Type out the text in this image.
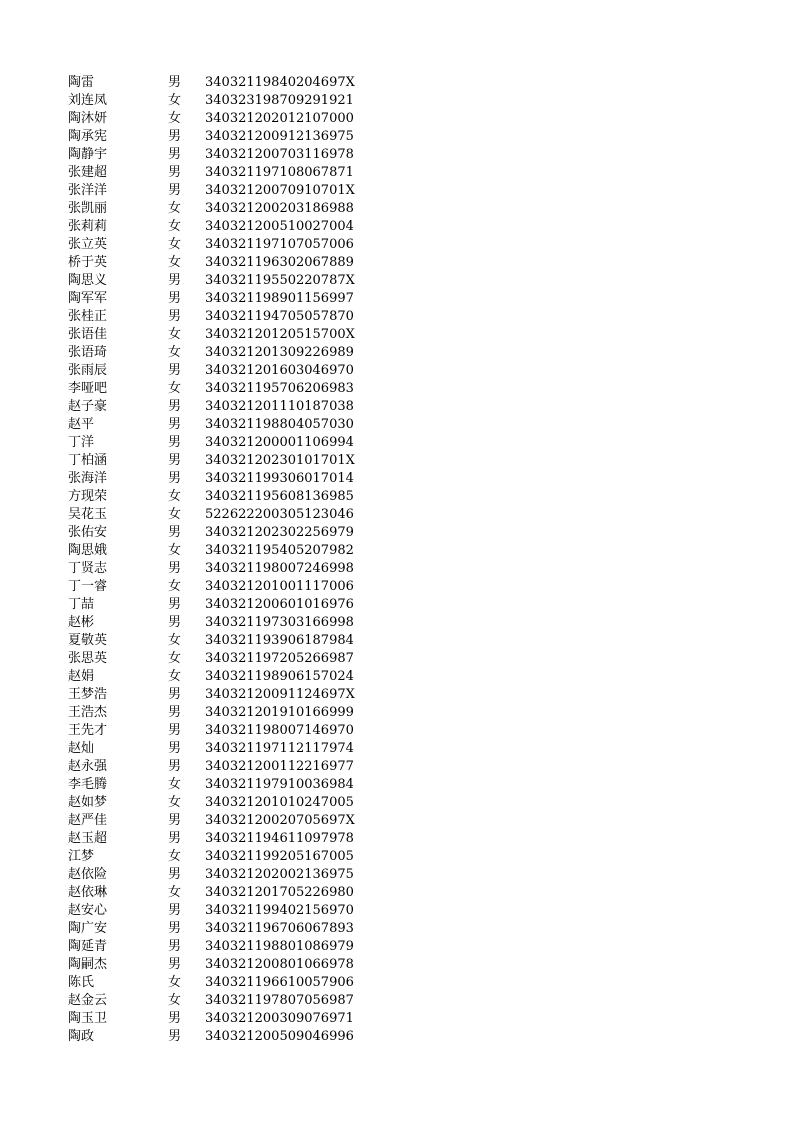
陶雷	男 34032119840204697X
刘连凤	女 340323198709291921
陶沐妍	女 340321202012107000
陶承宪	男 340321200912136975
陶静宇	男 340321200703116978
张建超	男 340321197108067871
张洋洋	男 34032120070910701X
张凯丽	女 340321200203186988
张莉莉	女 340321200510027004
张立英	女 340321197107057006
桥于英	女 340321196302067889
陶思义	男 34032119550220787X
陶军军	男 340321198901156997
张桂正	男 340321194705057870
张语佳	女 34032120120515700X
张语琦	女 340321201309226989
张雨辰	男 340321201603046970
李哑吧	女 340321195706206983
赵子豪	男 340321201110187038
赵平	男 340321198804057030
丁洋	男 340321200001106994
丁柏涵	男 34032120230101701X
张海洋	男 340321199306017014
方现荣	女 340321195608136985
吴花玉	女 522622200305123046
张佑安	男 340321202302256979
陶思娥	女 340321195405207982
丁贤志	男 340321198007246998
丁一睿	女 340321201001117006
丁喆	男 340321200601016976
赵彬	男 340321197303166998
夏敬英	女 340321193906187984
张思英	女 340321197205266987
赵娟	女 340321198906157024
王梦浩	男 34032120091124697X
王浩杰	男 340321201910166999
王先才	男 340321198007146970
赵灿	男 340321197112117974
赵永强	男 340321200112216977
李毛腾	女 340321197910036984
赵如梦	女 340321201010247005
赵严佳	男 34032120020705697X
赵玉超	男 340321194611097978
江梦	女 340321199205167005
赵依险	男 340321202002136975
赵依琳	女 340321201705226980
赵安心	男 340321199402156970
陶广安	男 340321196706067893
陶延青	男 340321198801086979
陶嗣杰	男 340321200801066978
陈氏	女 340321196610057906
赵金云	女 340321197807056987
陶玉卫	男 340321200309076971
陶政	男 340321200509046996
